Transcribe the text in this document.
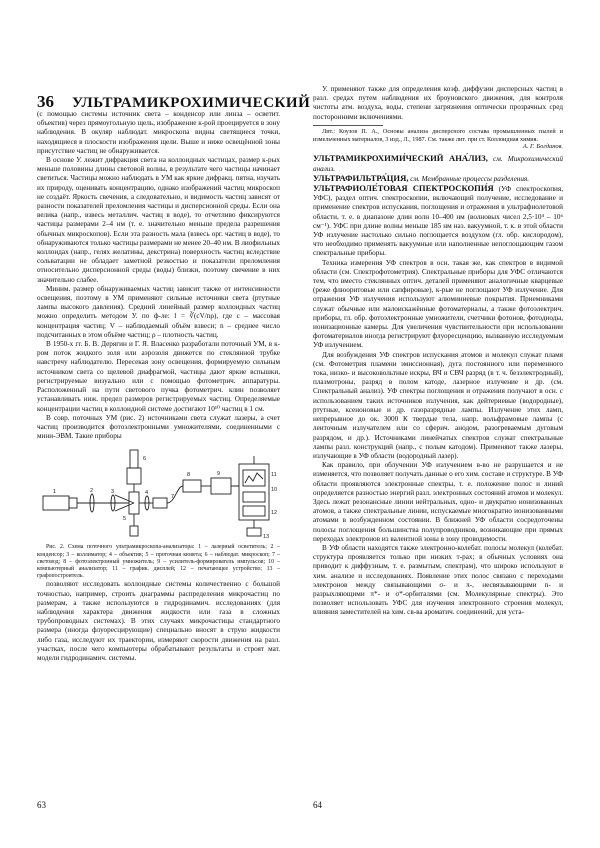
36 УЛЬТРАМИКРОХИМИЧЕСКИЙ

(с помощью системы источник света – конденсор или линза – осветит. объектив) через прямоугольную щель, изображение к-рой проецируется в зону наблюдения. В окуляр наблюдат. микроскопа видны светящиеся точки, находящиеся в плоскости изображения щели. Выше и ниже освещённой зоны присутствие частиц не обнаруживается.

В основе У. лежит дифракция света на коллоидных частицах, размер к-рых меньше половины длины световой волны, в результате чего частицы начинает светиться. Частицы можно наблюдать в УМ как яркие дифракц. пятна, изучать их природу, оценивать концентрацию, однако изображений частиц микроскоп не создаёт. Яркость свечения, а следовательно, и видимость частиц зависят от разности показателей преломления частицы и дисперсионной среды. Если она велика (напр., взвесь металлич. частиц в воде), то отчетливо фиксируются частицы размерами 2–4 нм (т. е. значительно меньше предела разрешения обычных микроскопов). Если эта разность мала (взвесь орг. частиц в воде), то обнаруживаются только частицы размерами не менее 20–40 нм. В лиофильных коллоидах (напр., гелях желатины, декстрина) поверхность частиц вследствие сольватации не обладает заметной резкостью и показатели преломления относительно дисперсионной среды (воды) близки, поэтому свечение в них значительно слабее.

Миним. размер обнаруживаемых частиц зависит также от интенсивности освещения, поэтому в УМ применяют сильные источники света (ртутные лампы высокого давления). Средний линейный размер коллоидных частиц можно определить методом У. по ф-ле: l = ∛(cV/nρ), где c – массовая концентрация частиц; V – наблюдаемый объём взвеси; n – среднее число подсчитанных в этом объёме частиц; ρ – плотность частиц.

В 1950-х гг. Б. В. Дерягин и Г. Я. Власенко разработали поточный УМ, в к-ром поток жидкого золя или аэрозоля движется по стеклянной трубке навстречу наблюдателю. Пересекая зону освещения, формируемую сильным источником света со щелевой диафрагмой, частицы дают яркие вспышки, регистрируемые визуально или с помощью фотометрич. аппаратуры. Расположенный на пути светового пучка фотометрич. клин позволяет устанавливать ниж. предел размеров регистрируемых частиц. Определяемые концентрации частиц в коллоидной системе достигают 10¹⁰ частиц в 1 см.

В совр. поточных УМ (рис. 2) источниками света служат лазеры, а счет частиц производится фотоэлектронными умножителями, соединенными с мини-ЭВМ. Такие приборы

1	2	3	4
5
6
7
8	9
10
11
12
13

Рис. 2. Схема поточного ультрамикроскопа-анализатора: 1 – лазерный осветитель; 2 – конденсор; 3 – коллиматор; 4 – объектив; 5 – проточная кювета; 6 – наблюдат. микроскоп; 7 – световод; 8 – фотоэлектронный умножитель; 9 – усилитель-формирователь импульсов; 10 – компьютерный анализатор; 11 – график. дисплей; 12 – печатающее устройство; 13 – графопостроитель.

позволяют исследовать коллоидные системы количественно с большой точностью, например, строить диаграммы распределения микрочастиц по размерам, а также используются в гидродинамич. исследованиях (для наблюдения характера движения жидкости или газа в сложных трубопроводных системах). В этих случаях микрочастицы стандартного размера (иногда флуоресцирующие) специально вносят в струю жидкости либо газа, исследуют их траектории, измеряют скорости движения на разл. участках, после чего компьютеры обрабатывают результаты и строят мат. модели гидродинамич. системы.

У. применяют также для определения коэф. диффузии дисперсных частиц в разл. средах путем наблюдения их броуновского движения, для контроля чистоты атм. воздуха, воды, степени загрязнения оптически прозрачных сред посторонними включениями.

Лит.: Коузов П. А., Основы анализа дисперсного состава промышленных пылей и измельченных материалов, 3 изд., Л., 1987. См. также лит. при ст. Коллоидная химия.

А. Г. Богданов.

УЛЬТРАМИКРОХИМИ́ЧЕСКИЙ АНА́ЛИЗ, см. Микрохимический анализ.

УЛЬТРАФИЛЬТРА́ЦИЯ, см. Мембранные процессы разделения.

УЛЬТРАФИОЛЕ́ТОВАЯ СПЕКТРОСКОПИ́Я (УФ спектроскопия, УФС), раздел оптич. спектроскопии, включающий получение, исследование и применение спектров испускания, поглощения и отражения в ультрафиолетовой области, т. е. в диапазоне длин волн 10–400 нм (волновых чисел 2,5·10⁴ – 10⁶ см⁻¹). УФС при длине волны меньше 185 нм наз. вакуумной, т. к. в этой области УФ излучение настолько сильно поглощается воздухом (гл. обр. кислородом), что необходимо применять вакуумные или наполненные непоглощающим газом спектральные приборы.

Техника измерения УФ спектров в осн. такая же, как спектров в видимой области (см. Спектрофотометрия). Спектральные приборы для УФС отличаются тем, что вместо стеклянных оптич. деталей применяют аналогичные кварцевые (реже флюоритовые или сапфировые), к-рые не поглощают УФ излучение. Для отражения УФ излучения используют алюминиевые покрытия. Приемниками служат обычные или малоискажённые фотоматериалы, а также фотоэлектрич. приборы, гл. обр. фотоэлектронные умножители, счетчики фотонов, фотодиоды, ионизационные камеры. Для увеличения чувствительности при использовании фотоматериалов иногда регистрируют флуоресценцию, вызванную исследуемым УФ излучением.

Для возбуждения УФ спектров испускания атомов и молекул служат пламя (см. Фотометрия пламени эмиссионная), дуга постоянного или переменного тока, низко- и высоковольтные искры, ВЧ и СВЧ разряд (в т. ч. безэлектродный), плазмотроны, разряд в полом катоде, лазерное излучение и др. (см. Спектральный анализ). УФ спектры поглощения и отражения получают в осн. с использованием таких источников излучения, как дейтериевые (водородные), ртутные, ксеноновые и др. газоразрядные лампы. Излучение этих ламп, непрерывное до ок. 3000 К твердые тела, напр. вольфрамовые лампы (с ленточным излучателем или со сферич. анодом, разогреваемым дуговым разрядом, и др.). Источниками линейчатых спектров служат спектральные лампы разл. конструкций (напр., с полым катодом). Применяют также лазеры, излучающие в УФ области (водородный лазер).

Как правило, при облучении УФ излучением в-во не разрушается и не изменяется, что позволяет получать данные о его хим. составе и структуре. В УФ области проявляются электронные спектры, т. е. положение полос и линий определяется разностью энергий разл. электронных состояний атомов и молекул. Здесь лежат резонансные линии нейтральных, одно- и двукратно ионизованных атомов, а также спектральные линии, испускаемые многократно ионизованными атомами в возбужденном состоянии. В ближней УФ области сосредоточены полосы поглощения большинства полупроводников, возникающие при прямых переходах электронов из валентной зоны в зону проводимости.

В УФ области находятся также электронно-колебат. полосы молекул (колебат. структура проявляется только при низких т-рах; в обычных условиях она приводит к диффузным, т. е. размытым, спектрам), что широко используют в хим. анализе и исследованиях. Появление этих полос связано с переходами электронов между связывающими σ- и π-, несвязывающими n- и разрыхляющими π*- и σ*-орбиталями (см. Молекулярные спектры). Это позволяет использовать УФС для изучения электронного строения молекул, влияния заместителей на хим. св-ва ароматич. соединений, для уста-

63	64
